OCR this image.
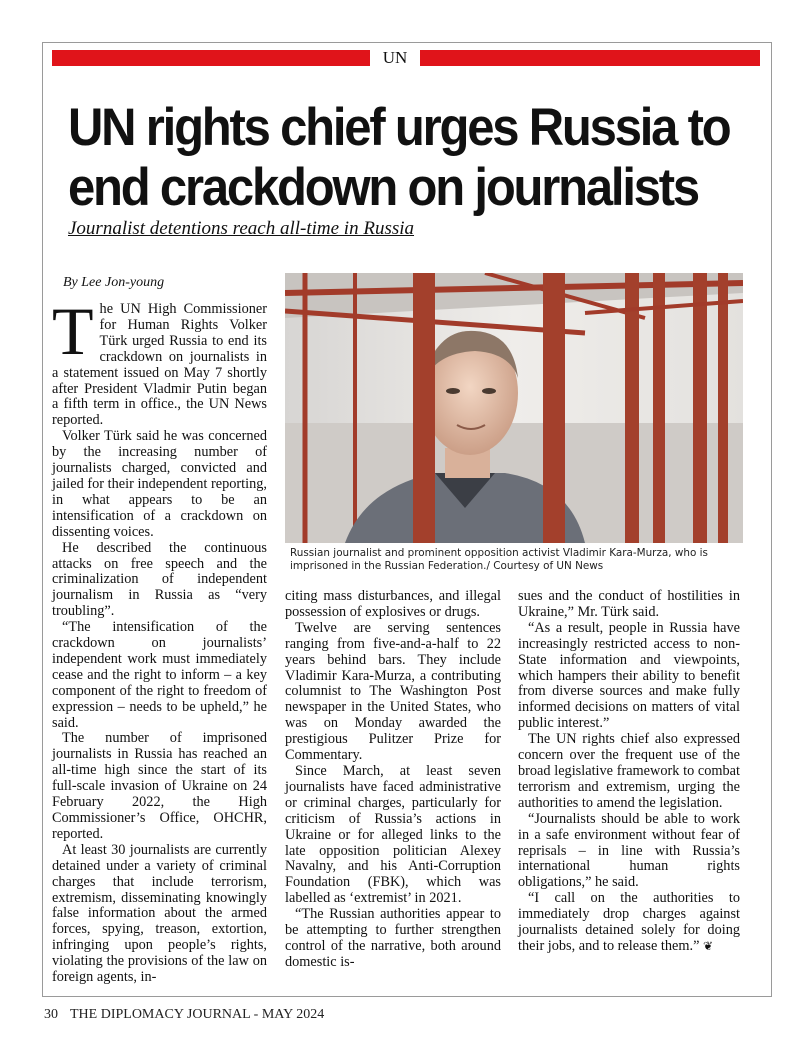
UN
UN rights chief urges Russia to end crackdown on journalists
Journalist detentions reach all-time in Russia
By Lee Jon-young

The UN High Commissioner for Human Rights Volker Türk urged Russia to end its crackdown on journalists in a statement issued on May 7 shortly after President Vladmir Putin began a fifth term in office., the UN News reported.

Volker Türk said he was concerned by the increasing number of journalists charged, convicted and jailed for their independent reporting, in what appears to be an intensification of a crackdown on dissenting voices.

He described the continuous attacks on free speech and the criminalization of independent journalism in Russia as “very troubling”.

“The intensification of the crackdown on journalists’ independent work must immediately cease and the right to inform – a key component of the right to freedom of expression – needs to be upheld,” he said.

The number of imprisoned journalists in Russia has reached an all-time high since the start of its full-scale invasion of Ukraine on 24 February 2022, the High Commissioner’s Office, OHCHR, reported.

At least 30 journalists are currently detained under a variety of criminal charges that include terrorism, extremism, disseminating knowingly false information about the armed forces, spying, treason, extortion, infringing upon people’s rights, violating the provisions of the law on foreign agents, in-

Russian journalist and prominent opposition activist Vladimir Kara-Murza, who is imprisoned in the Russian Federation./ Courtesy of UN News

citing mass disturbances, and illegal possession of explosives or drugs.

Twelve are serving sentences ranging from five-and-a-half to 22 years behind bars. They include Vladimir Kara-Murza, a contributing columnist to The Washington Post newspaper in the United States, who was on Monday awarded the prestigious Pulitzer Prize for Commentary.

Since March, at least seven journalists have faced administrative or criminal charges, particularly for criticism of Russia’s actions in Ukraine or for alleged links to the late opposition politician Alexey Navalny, and his Anti-Corruption Foundation (FBK), which was labelled as ‘extremist’ in 2021.

“The Russian authorities appear to be attempting to further strengthen control of the narrative, both around domestic is-

sues and the conduct of hostilities in Ukraine,” Mr. Türk said.

“As a result, people in Russia have increasingly restricted access to non-State information and viewpoints, which hampers their ability to benefit from diverse sources and make fully informed decisions on matters of vital public interest.”

The UN rights chief also expressed concern over the frequent use of the broad legislative framework to combat terrorism and extremism, urging the authorities to amend the legislation.

“Journalists should be able to work in a safe environment without fear of reprisals – in line with Russia’s international human rights obligations,” he said.

“I call on the authorities to immediately drop charges against journalists detained solely for doing their jobs, and to release them.” ❦

30 THE DIPLOMACY JOURNAL - MAY 2024
